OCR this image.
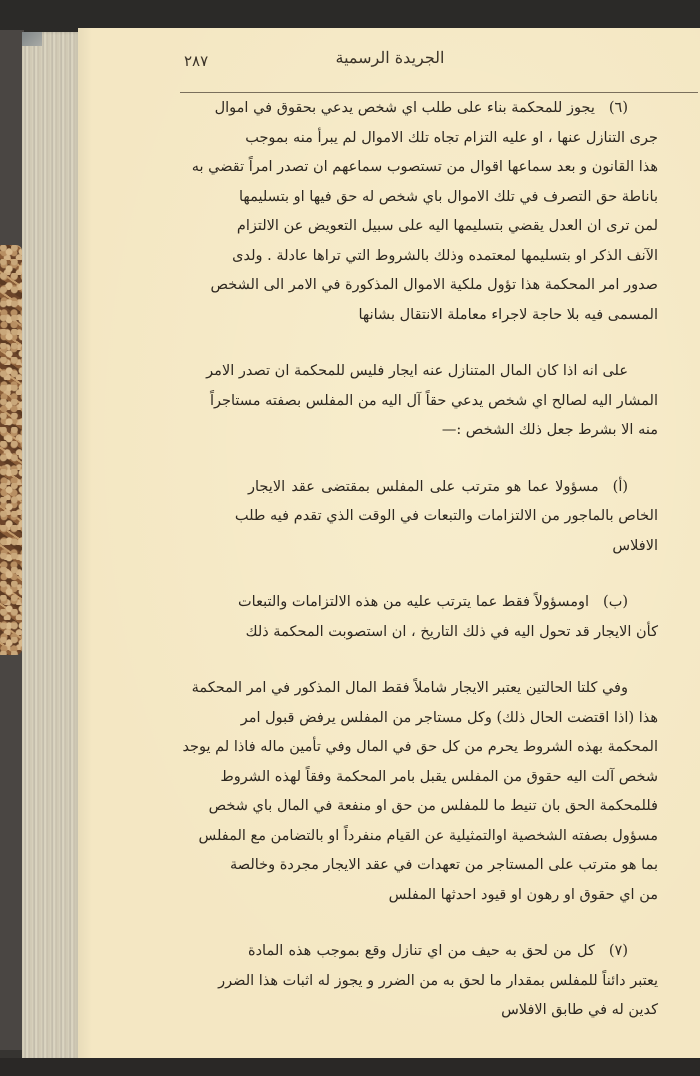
٢٨٧	الجريدة الرسمية
(٦)يجوز للمحكمة بناء على طلب اي شخص يدعي بحقوق في اموال
جرى التنازل عنها ، او عليه التزام تجاه تلك الاموال لم يبرأ منه بموجب
هذا القانون و بعد سماعها اقوال من تستصوب سماعهم ان تصدر امراً تقضي به
باناطة حق التصرف في تلك الاموال باي شخص له حق فيها او بتسليمها
لمن ترى ان العدل يقضي بتسليمها اليه على سبيل التعويض عن الالتزام
الآنف الذكر او بتسليمها لمعتمده وذلك بالشروط التي تراها عادلة . ولدى
صدور امر المحكمة هذا تؤول ملكية الاموال المذكورة في الامر الى الشخص
المسمى فيه بلا حاجة لاجراء معاملة الانتقال بشانها
على انه اذا كان المال المتنازل عنه ايجار فليس للمحكمة ان تصدر الامر
المشار اليه لصالح اي شخص يدعي حقاً آل اليه من المفلس بصفته مستاجراً
منه الا بشرط جعل ذلك الشخص :—
(أ)مسؤولا عما هو مترتب على المفلس بمقتضى عقد الايجار
الخاص بالماجور من الالتزامات والتبعات في الوقت الذي تقدم فيه طلب
الافلاس
(ب)اومسؤولاً فقط عما يترتب عليه من هذه الالتزامات والتبعات
كأن الايجار قد تحول اليه في ذلك التاريخ ، ان استصوبت المحكمة ذلك
وفي كلتا الحالتين يعتبر الايجار شاملاً فقط المال المذكور في امر المحكمة
هذا (اذا اقتضت الحال ذلك) وكل مستاجر من المفلس يرفض قبول امر
المحكمة بهذه الشروط يحرم من كل حق في المال وفي تأمين ماله فاذا لم يوجد
شخص آلت اليه حقوق من المفلس يقبل بامر المحكمة وفقاً لهذه الشروط
فللمحكمة الحق بان تنيط ما للمفلس من حق او منفعة في المال باي شخص
مسؤول بصفته الشخصية اوالتمثيلية عن القيام منفرداً او بالتضامن مع المفلس
بما هو مترتب على المستاجر من تعهدات في عقد الايجار مجردة وخالصة
من اي حقوق او رهون او قيود احدثها المفلس
(٧)كل من لحق به حيف من اي تنازل وقع بموجب هذه المادة
يعتبر دائناً للمفلس بمقدار ما لحق به من الضرر و يجوز له اثبات هذا الضرر
كدين له في طابق الافلاس
